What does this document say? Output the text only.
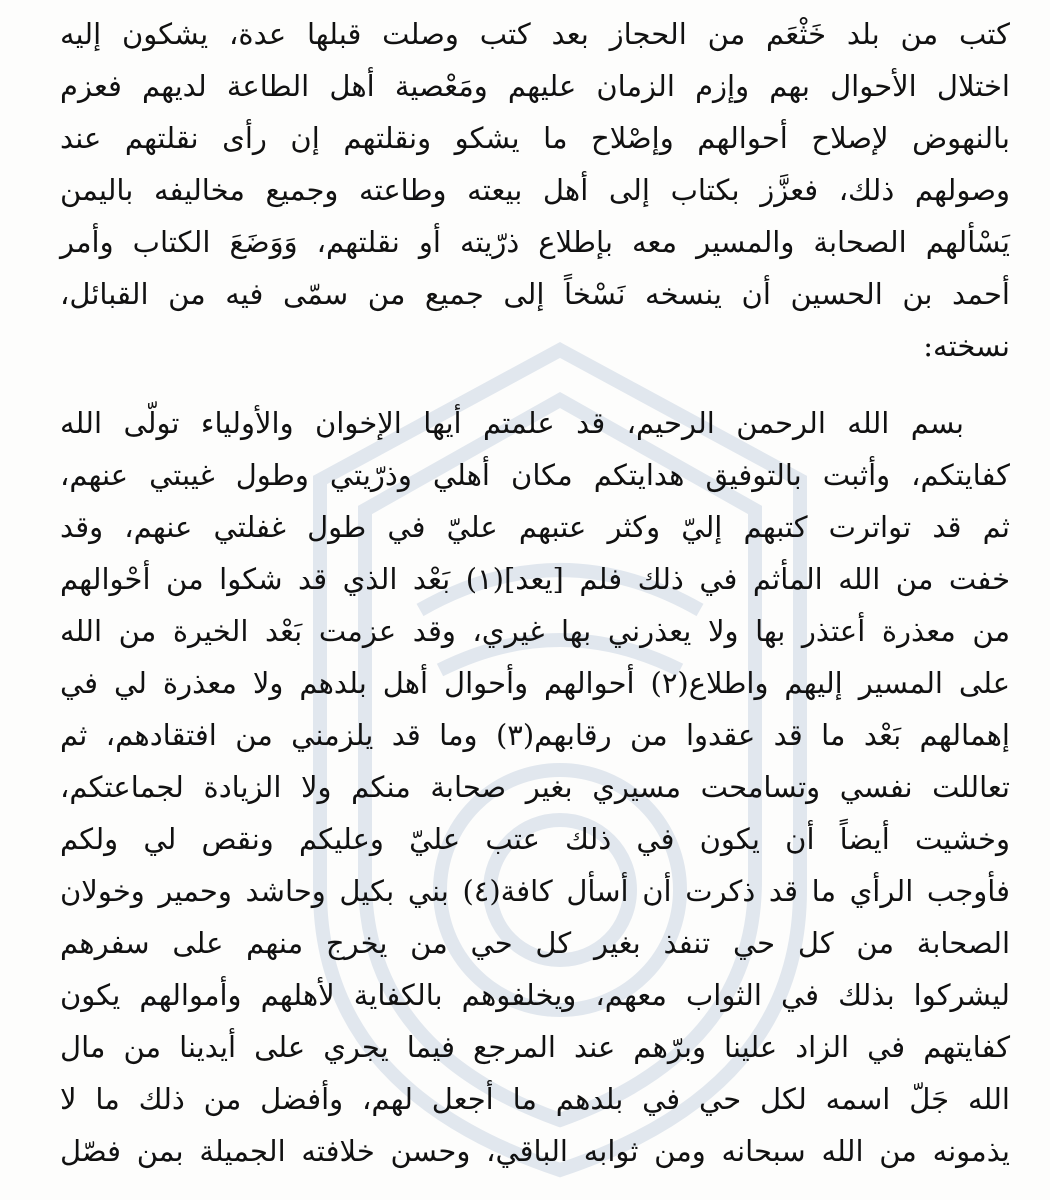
كتب من بلد خَثْعَم من الحجاز بعد كتب وصلت قبلها عدة، يشكون إليه
اختلال الأحوال بهم وإزم الزمان عليهم ومَعْصية أهل الطاعة لديهم فعزم
بالنهوض لإصلاح أحوالهم وإصْلاح ما يشكو ونقلتهم إن رأى نقلتهم عند
وصولهم ذلك، فعزَّز بكتاب إلى أهل بيعته وطاعته وجميع مخاليفه باليمن
يَسْألهم الصحابة والمسير معه بإطلاع ذرّيته أو نقلتهم، وَوَضَعَ الكتاب وأمر
أحمد بن الحسين أن ينسخه نَسْخاً إلى جميع من سمّى فيه من القبائل،
نسخته:
بسم الله الرحمن الرحيم، قد علمتم أيها الإخوان والأولياء تولّى الله
كفايتكم، وأثبت بالتوفيق هدايتكم مكان أهلي وذرّيتي وطول غيبتي عنهم،
ثم قد تواترت كتبهم إليّ وكثر عتبهم عليّ في طول غفلتي عنهم، وقد
خفت من الله المأثم في ذلك فلم [يعد](١) بَعْد الذي قد شكوا من أحْوالهم
من معذرة أعتذر بها ولا يعذرني بها غيري، وقد عزمت بَعْد الخيرة من الله
على المسير إليهم واطلاع(٢) أحوالهم وأحوال أهل بلدهم ولا معذرة لي في
إهمالهم بَعْد ما قد عقدوا من رقابهم(٣) وما قد يلزمني من افتقادهم، ثم
تعاللت نفسي وتسامحت مسيري بغير صحابة منكم ولا الزيادة لجماعتكم،
وخشيت أيضاً أن يكون في ذلك عتب عليّ وعليكم ونقص لي ولكم
فأوجب الرأي ما قد ذكرت أن أسأل كافة(٤) بني بكيل وحاشد وحمير وخولان
الصحابة من كل حي تنفذ بغير كل حي من يخرج منهم على سفرهم
ليشركوا بذلك في الثواب معهم، ويخلفوهم بالكفاية لأهلهم وأموالهم يكون
كفايتهم في الزاد علينا وبرّهم عند المرجع فيما يجري على أيدينا من مال
الله جَلّ اسمه لكل حي في بلدهم ما أجعل لهم، وأفضل من ذلك ما لا
يذمونه من الله سبحانه ومن ثوابه الباقي، وحسن خلافته الجميلة بمن فصّل
